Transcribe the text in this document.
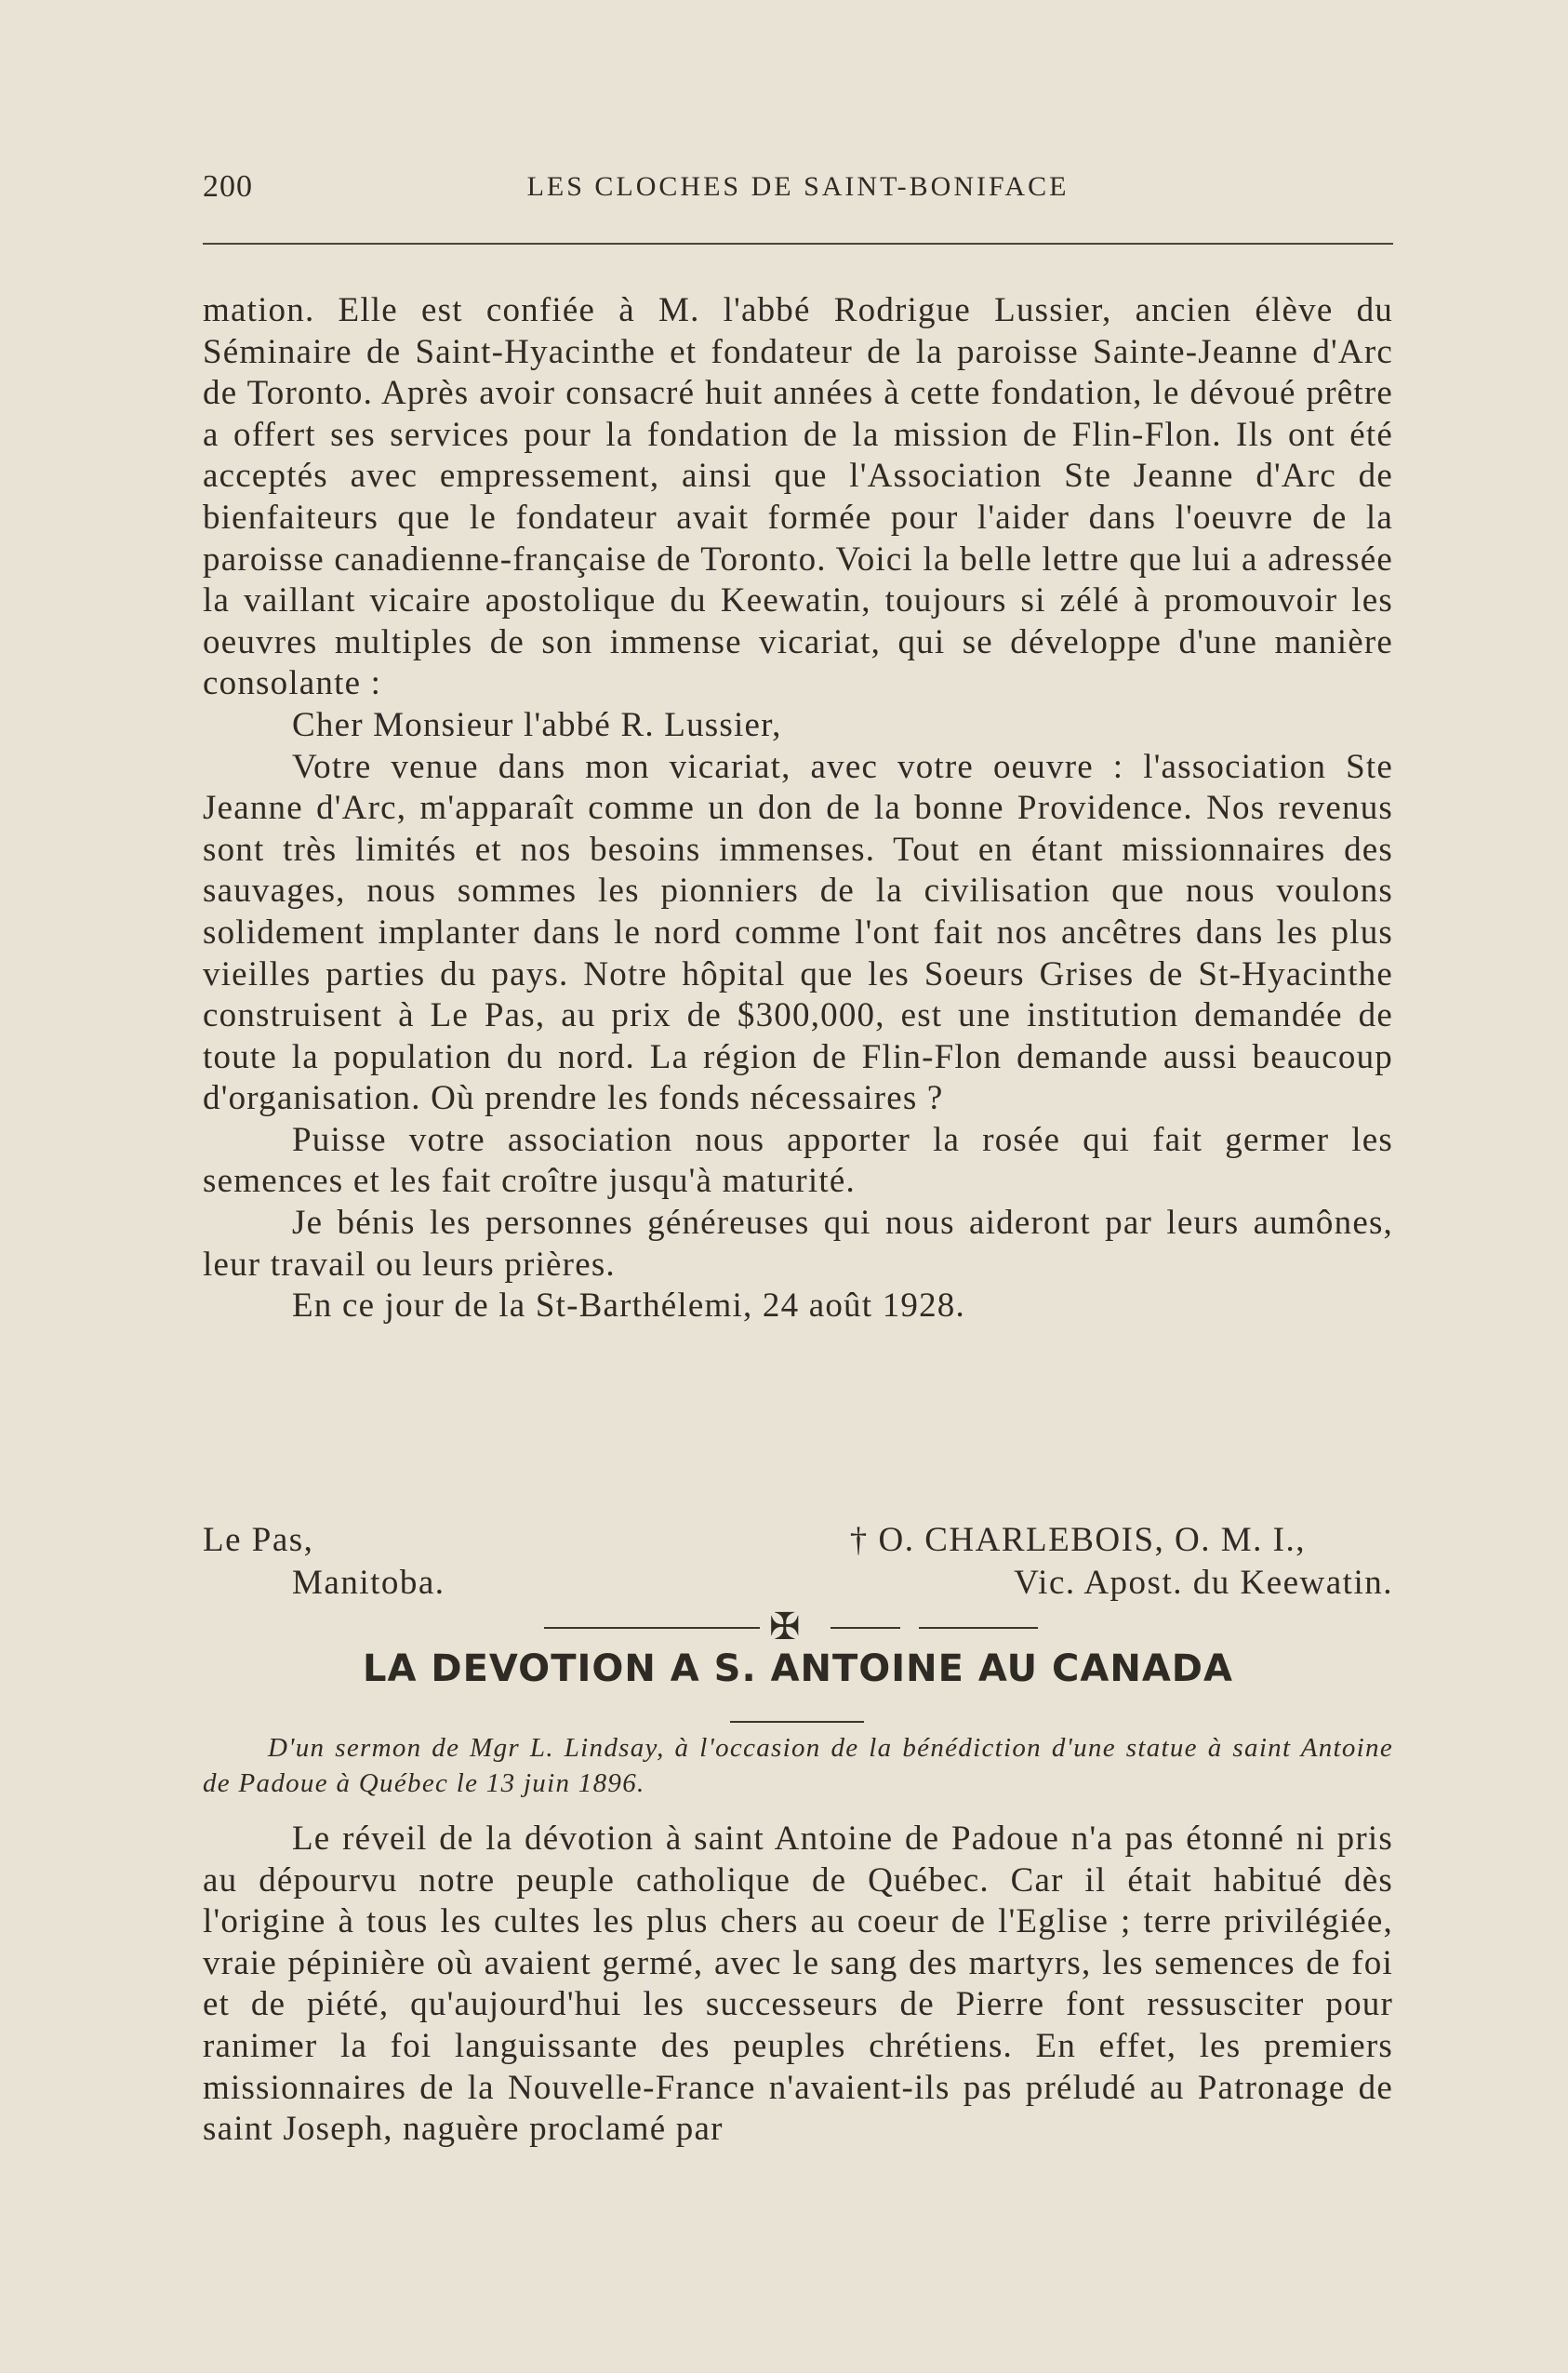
200	LES CLOCHES DE SAINT-BONIFACE

mation. Elle est confiée à M. l'abbé Rodrigue Lussier, ancien élève du Séminaire de Saint-Hyacinthe et fondateur de la paroisse Sainte-Jeanne d'Arc de Toronto. Après avoir consacré huit années à cette fondation, le dévoué prêtre a offert ses services pour la fondation de la mission de Flin-Flon. Ils ont été acceptés avec empressement, ainsi que l'Association Ste Jeanne d'Arc de bienfaiteurs que le fondateur avait formée pour l'aider dans l'oeuvre de la paroisse canadienne-française de Toronto. Voici la belle lettre que lui a adressée la vaillant vicaire apostolique du Keewatin, toujours si zélé à promouvoir les oeuvres multiples de son immense vicariat, qui se développe d'une manière consolante :

Cher Monsieur l'abbé R. Lussier,

Votre venue dans mon vicariat, avec votre oeuvre : l'association Ste Jeanne d'Arc, m'apparaît comme un don de la bonne Providence. Nos revenus sont très limités et nos besoins immenses. Tout en étant missionnaires des sauvages, nous sommes les pionniers de la civilisation que nous voulons solidement implanter dans le nord comme l'ont fait nos ancêtres dans les plus vieilles parties du pays. Notre hôpital que les Soeurs Grises de St-Hyacinthe construisent à Le Pas, au prix de $300,000, est une institution demandée de toute la population du nord. La région de Flin-Flon demande aussi beaucoup d'organisation. Où prendre les fonds nécessaires ?

Puisse votre association nous apporter la rosée qui fait germer les semences et les fait croître jusqu'à maturité.

Je bénis les personnes généreuses qui nous aideront par leurs aumônes, leur travail ou leurs prières.

En ce jour de la St-Barthélemi, 24 août 1928.

Le Pas,	† O. CHARLEBOIS, O. M. I.,
Manitoba.	Vic. Apost. du Keewatin.
✠
LA DEVOTION A S. ANTOINE AU CANADA

D'un sermon de Mgr L. Lindsay, à l'occasion de la bénédiction d'une statue à saint Antoine de Padoue à Québec le 13 juin 1896.

Le réveil de la dévotion à saint Antoine de Padoue n'a pas étonné ni pris au dépourvu notre peuple catholique de Québec. Car il était habitué dès l'origine à tous les cultes les plus chers au coeur de l'Eglise ; terre privilégiée, vraie pépinière où avaient germé, avec le sang des martyrs, les semences de foi et de piété, qu'aujourd'hui les successeurs de Pierre font ressusciter pour ranimer la foi languissante des peuples chrétiens. En effet, les premiers missionnaires de la Nouvelle-France n'avaient-ils pas préludé au Patronage de saint Joseph, naguère proclamé par
